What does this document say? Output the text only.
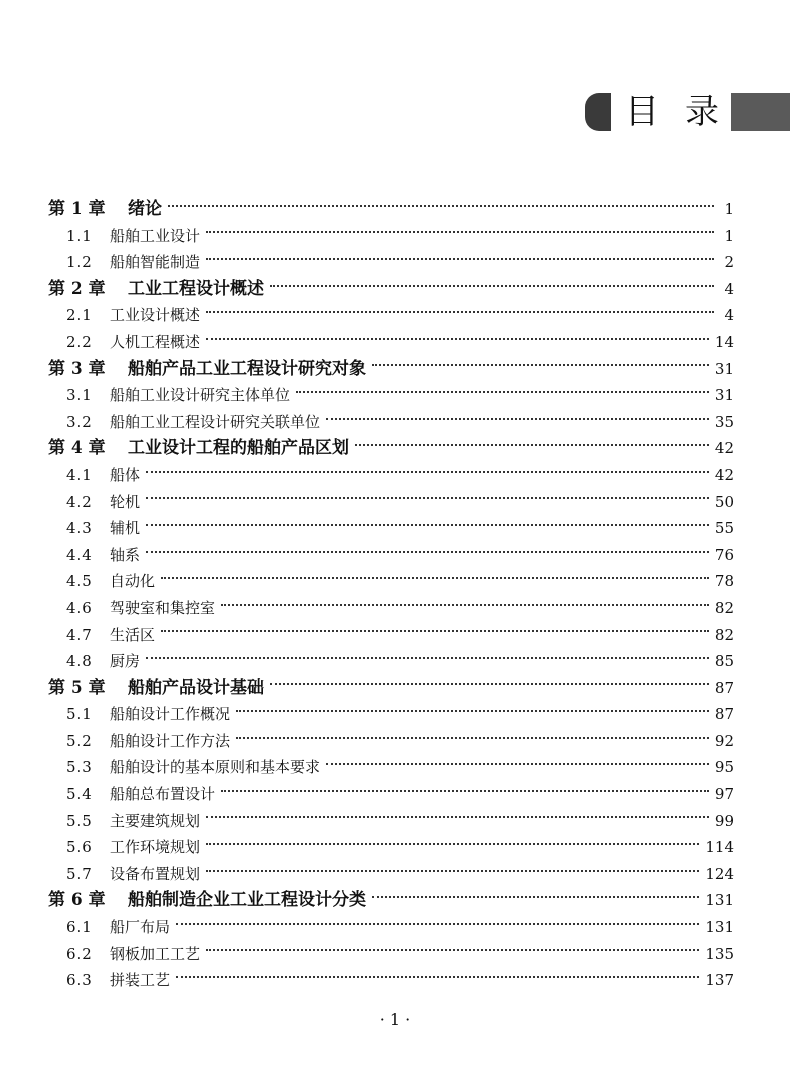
目 录
第 1 章	绪论	1
1.1	船舶工业设计	1
1.2	船舶智能制造	2
第 2 章	工业工程设计概述	4
2.1	工业设计概述	4
2.2	人机工程概述	14
第 3 章	船舶产品工业工程设计研究对象	31
3.1	船舶工业设计研究主体单位	31
3.2	船舶工业工程设计研究关联单位	35
第 4 章	工业设计工程的船舶产品区划	42
4.1	船体	42
4.2	轮机	50
4.3	辅机	55
4.4	轴系	76
4.5	自动化	78
4.6	驾驶室和集控室	82
4.7	生活区	82
4.8	厨房	85
第 5 章	船舶产品设计基础	87
5.1	船舶设计工作概况	87
5.2	船舶设计工作方法	92
5.3	船舶设计的基本原则和基本要求	95
5.4	船舶总布置设计	97
5.5	主要建筑规划	99
5.6	工作环境规划	114
5.7	设备布置规划	124
第 6 章	船舶制造企业工业工程设计分类	131
6.1	船厂布局	131
6.2	钢板加工工艺	135
6.3	拼装工艺	137
· 1 ·
